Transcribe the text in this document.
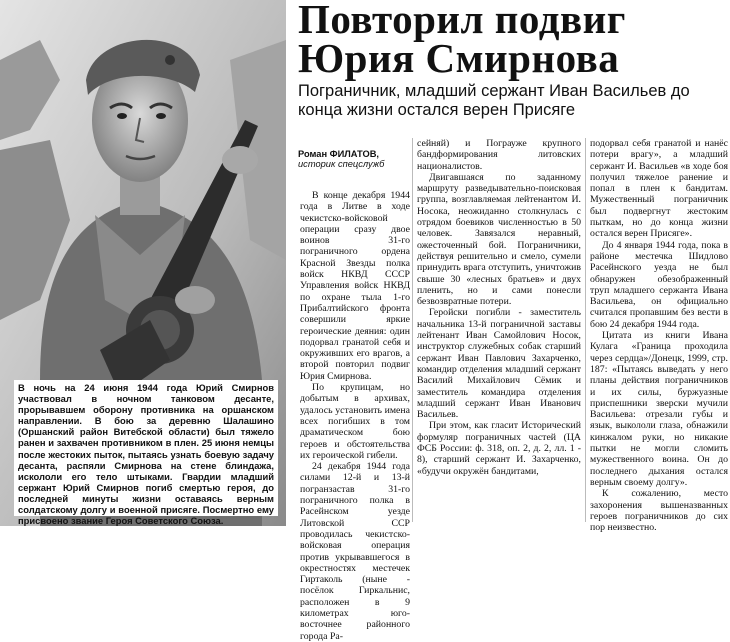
В ночь на 24 июня 1944 года Юрий Смирнов участвовал в ночном танковом десанте, прорывавшем оборону противника на оршанском направлении. В бою за деревню Шалашино (Оршанский район Витебской области) был тяжело ранен и захвачен противником в плен. 25 июня немцы после жестоких пыток, пытаясь узнать боевую задачу десанта, распяли Смирнова на стене блиндажа, искололи его тело штыками. Гвардии младший сержант Юрий Смирнов погиб смертью героя, до последней минуты жизни оставаясь верным солдатскому долгу и военной присяге. Посмертно ему присвоено звание Героя Советского Союза.
Повторил подвиг
Юрия Смирнова

Пограничник, младший сержант Иван Васильев до конца жизни остался верен Присяге

Роман ФИЛАТОВ,
историк спецслужб

В конце декабря 1944 года в Литве в ходе чекистско-войсковой операции сразу двое воинов 31-го пограничного ордена Красной Звезды полка войск НКВД СССР Управления войск НКВД по охране тыла 1-го Прибалтийского фронта совершили яркие героические деяния: один подорвал гранатой себя и окруживших его врагов, а второй повторил подвиг Юрия Смирнова.

По крупицам, но добытым в архивах, удалось установить имена всех погибших в том драматическом бою героев и обстоятельства их героической гибели.

24 декабря 1944 года силами 12-й и 13-й погранзастав 31-го пограничного полка в Расейнском уезде Литовской ССР проводилась чекистско-войсковая операция против укрывавшегося в окрестностях местечек Гиртаколь (ныне - посёлок Гиркальнис, расположен в 9 километрах юго-восточнее районного города Ра-

сейняй) и Пограуже крупного бандформирования литовских националистов.

Двигавшаяся по заданному маршруту разведывательно-поисковая группа, возглавляемая лейтенантом И. Носока, неожиданно столкнулась с отрядом боевиков численностью в 50 человек. Завязался неравный, ожесточенный бой. Пограничники, действуя решительно и смело, сумели принудить врага отступить, уничтожив свыше 30 «лесных братьев» и двух пленить, но и сами понесли безвозвратные потери.

Геройски погибли - заместитель начальника 13-й пограничной заставы лейтенант Иван Самойлович Носок, инструктор служебных собак старший сержант Иван Павлович Захарченко, командир отделения младший сержант Василий Михайлович Сёмик и заместитель командира отделения младший сержант Иван Иванович Васильев.

При этом, как гласит Исторический формуляр пограничных частей (ЦА ФСБ России: ф. 318, оп. 2, д. 2, лл. 1 - 8), старший сержант И. Захарченко, «будучи окружён бандитами,

подорвал себя гранатой и нанёс потери врагу», а младший сержант И. Васильев «в ходе боя получил тяжелое ранение и попал в плен к бандитам. Мужественный пограничник был подвергнут жестоким пыткам, но до конца жизни остался верен Присяге».

До 4 января 1944 года, пока в районе местечка Шидлово Расейнского уезда не был обнаружен обезображенный труп младшего сержанта Ивана Васильева, он официально считался пропавшим без вести в бою 24 декабря 1944 года.

Цитата из книги Ивана Кулага «Граница проходила через сердца»/Донецк, 1999, стр. 187: «Пытаясь выведать у него планы действия пограничников и их силы, буржуазные приспешники зверски мучили Васильева: отрезали губы и язык, выкололи глаза, обнажили кинжалом руки, но никакие пытки не могли сломить мужественного воина. Он до последнего дыхания остался верным своему долгу».

К сожалению, место захоронения вышеназванных героев пограничников до сих пор неизвестно.
